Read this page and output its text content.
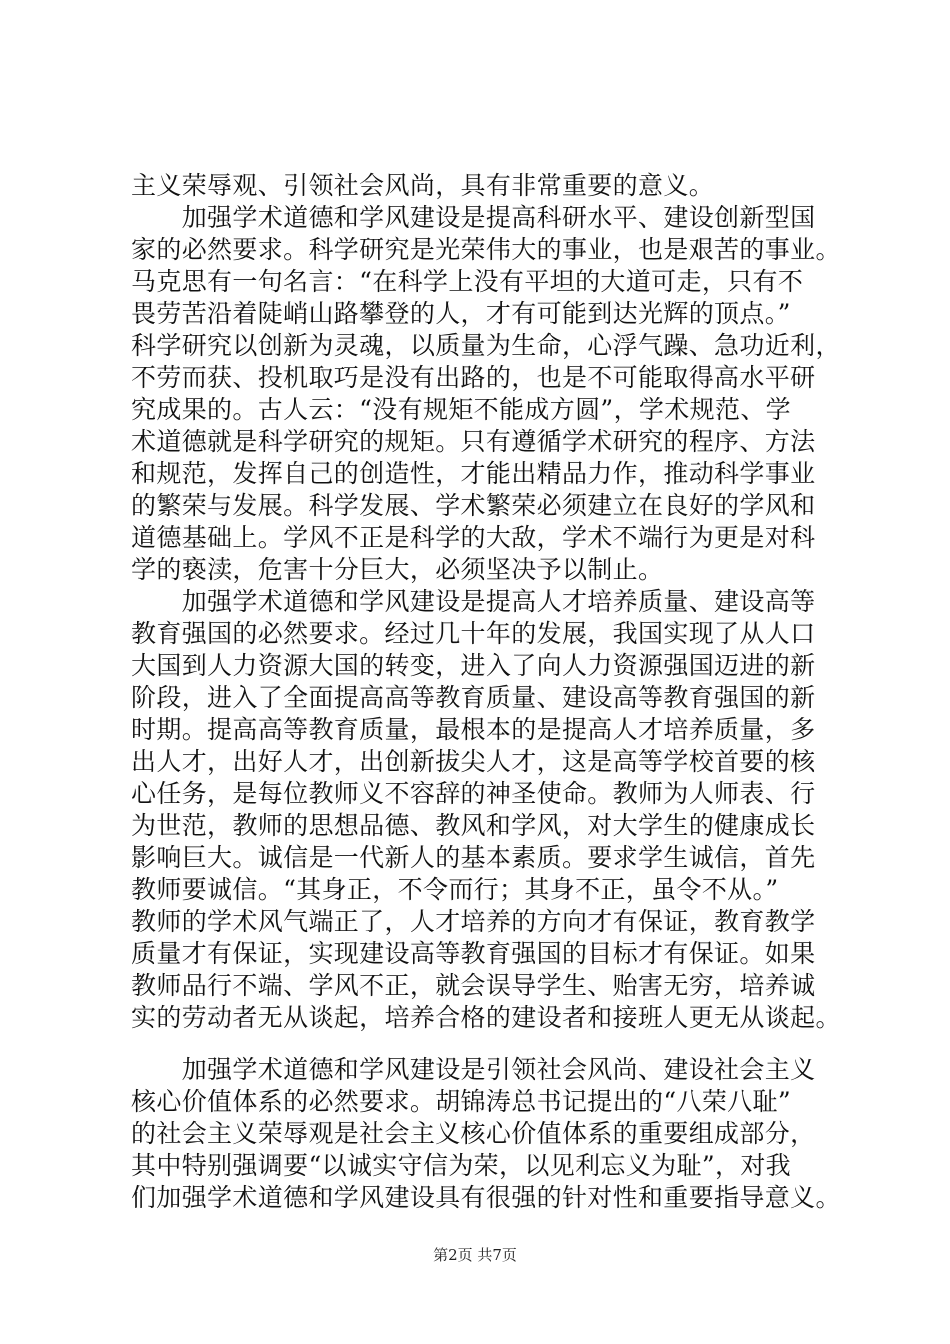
主义荣辱观、引领社会风尚，具有非常重要的意义。
　　加强学术道德和学风建设是提高科研水平、建设创新型国
家的必然要求。科学研究是光荣伟大的事业，也是艰苦的事业。
马克思有一句名言：“在科学上没有平坦的大道可走，只有不
畏劳苦沿着陡峭山路攀登的人，才有可能到达光辉的顶点。”
科学研究以创新为灵魂，以质量为生命，心浮气躁、急功近利，
不劳而获、投机取巧是没有出路的，也是不可能取得高水平研
究成果的。古人云：“没有规矩不能成方圆”，学术规范、学
术道德就是科学研究的规矩。只有遵循学术研究的程序、方法
和规范，发挥自己的创造性，才能出精品力作，推动科学事业
的繁荣与发展。科学发展、学术繁荣必须建立在良好的学风和
道德基础上。学风不正是科学的大敌，学术不端行为更是对科
学的亵渎，危害十分巨大，必须坚决予以制止。
　　加强学术道德和学风建设是提高人才培养质量、建设高等
教育强国的必然要求。经过几十年的发展，我国实现了从人口
大国到人力资源大国的转变，进入了向人力资源强国迈进的新
阶段，进入了全面提高高等教育质量、建设高等教育强国的新
时期。提高高等教育质量，最根本的是提高人才培养质量，多
出人才，出好人才，出创新拔尖人才，这是高等学校首要的核
心任务，是每位教师义不容辞的神圣使命。教师为人师表、行
为世范，教师的思想品德、教风和学风，对大学生的健康成长
影响巨大。诚信是一代新人的基本素质。要求学生诚信，首先
教师要诚信。“其身正，不令而行；其身不正，虽令不从。”
教师的学术风气端正了，人才培养的方向才有保证，教育教学
质量才有保证，实现建设高等教育强国的目标才有保证。如果
教师品行不端、学风不正，就会误导学生、贻害无穷，培养诚
实的劳动者无从谈起，培养合格的建设者和接班人更无从谈起。
　　加强学术道德和学风建设是引领社会风尚、建设社会主义
核心价值体系的必然要求。胡锦涛总书记提出的“八荣八耻”
的社会主义荣辱观是社会主义核心价值体系的重要组成部分，
其中特别强调要“以诚实守信为荣，以见利忘义为耻”，对我
们加强学术道德和学风建设具有很强的针对性和重要指导意义。
第2页 共7页
